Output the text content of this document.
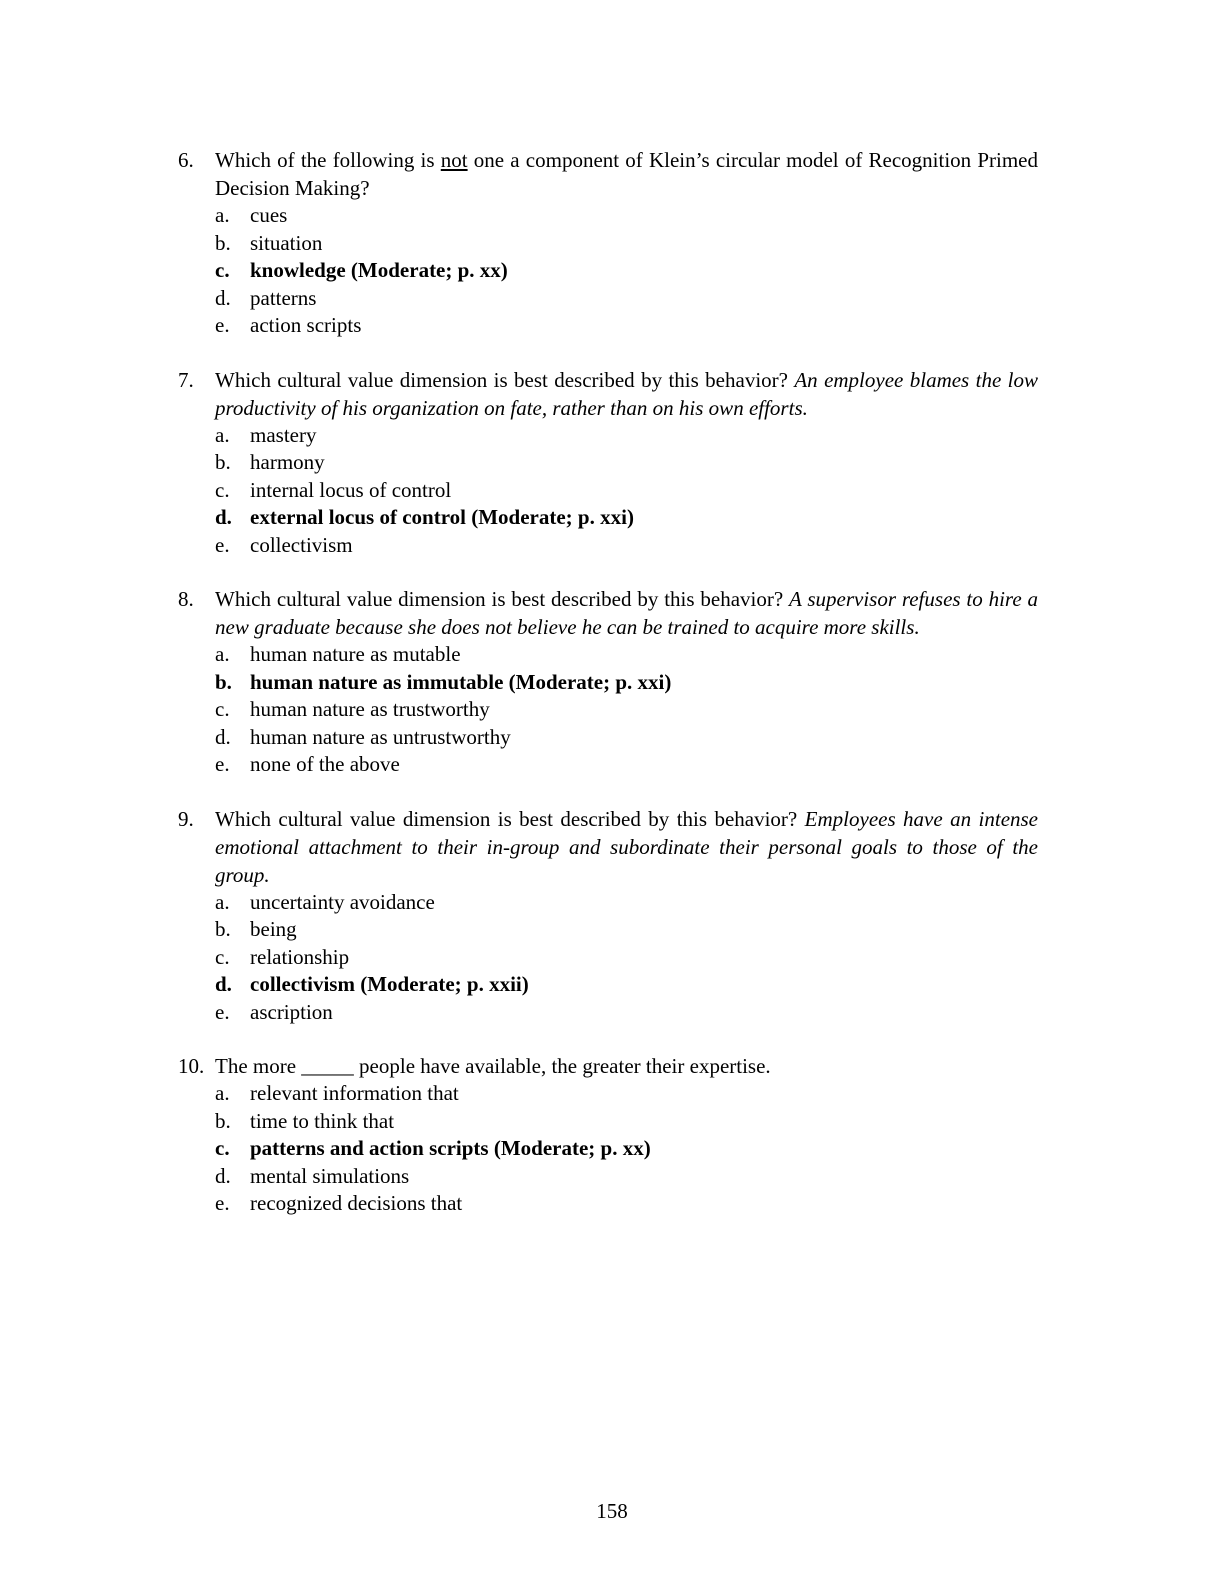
6.	Which of the following is not one a component of Klein’s circular model of Recognition Primed Decision Making?
a. cues
b. situation
c. knowledge (Moderate; p. xx)
d. patterns
e. action scripts
7.	Which cultural value dimension is best described by this behavior? An employee blames the low productivity of his organization on fate, rather than on his own efforts.
a. mastery
b. harmony
c. internal locus of control
d. external locus of control (Moderate; p. xxi)
e. collectivism
8.	Which cultural value dimension is best described by this behavior? A supervisor refuses to hire a new graduate because she does not believe he can be trained to acquire more skills.
a. human nature as mutable
b. human nature as immutable (Moderate; p. xxi)
c. human nature as trustworthy
d. human nature as untrustworthy
e. none of the above
9.	Which cultural value dimension is best described by this behavior? Employees have an intense emotional attachment to their in-group and subordinate their personal goals to those of the group.
a. uncertainty avoidance
b. being
c. relationship
d. collectivism (Moderate; p. xxii)
e. ascription
10. The more _____ people have available, the greater their expertise.
a. relevant information that
b. time to think that
c. patterns and action scripts (Moderate; p. xx)
d. mental simulations
e. recognized decisions that
158
